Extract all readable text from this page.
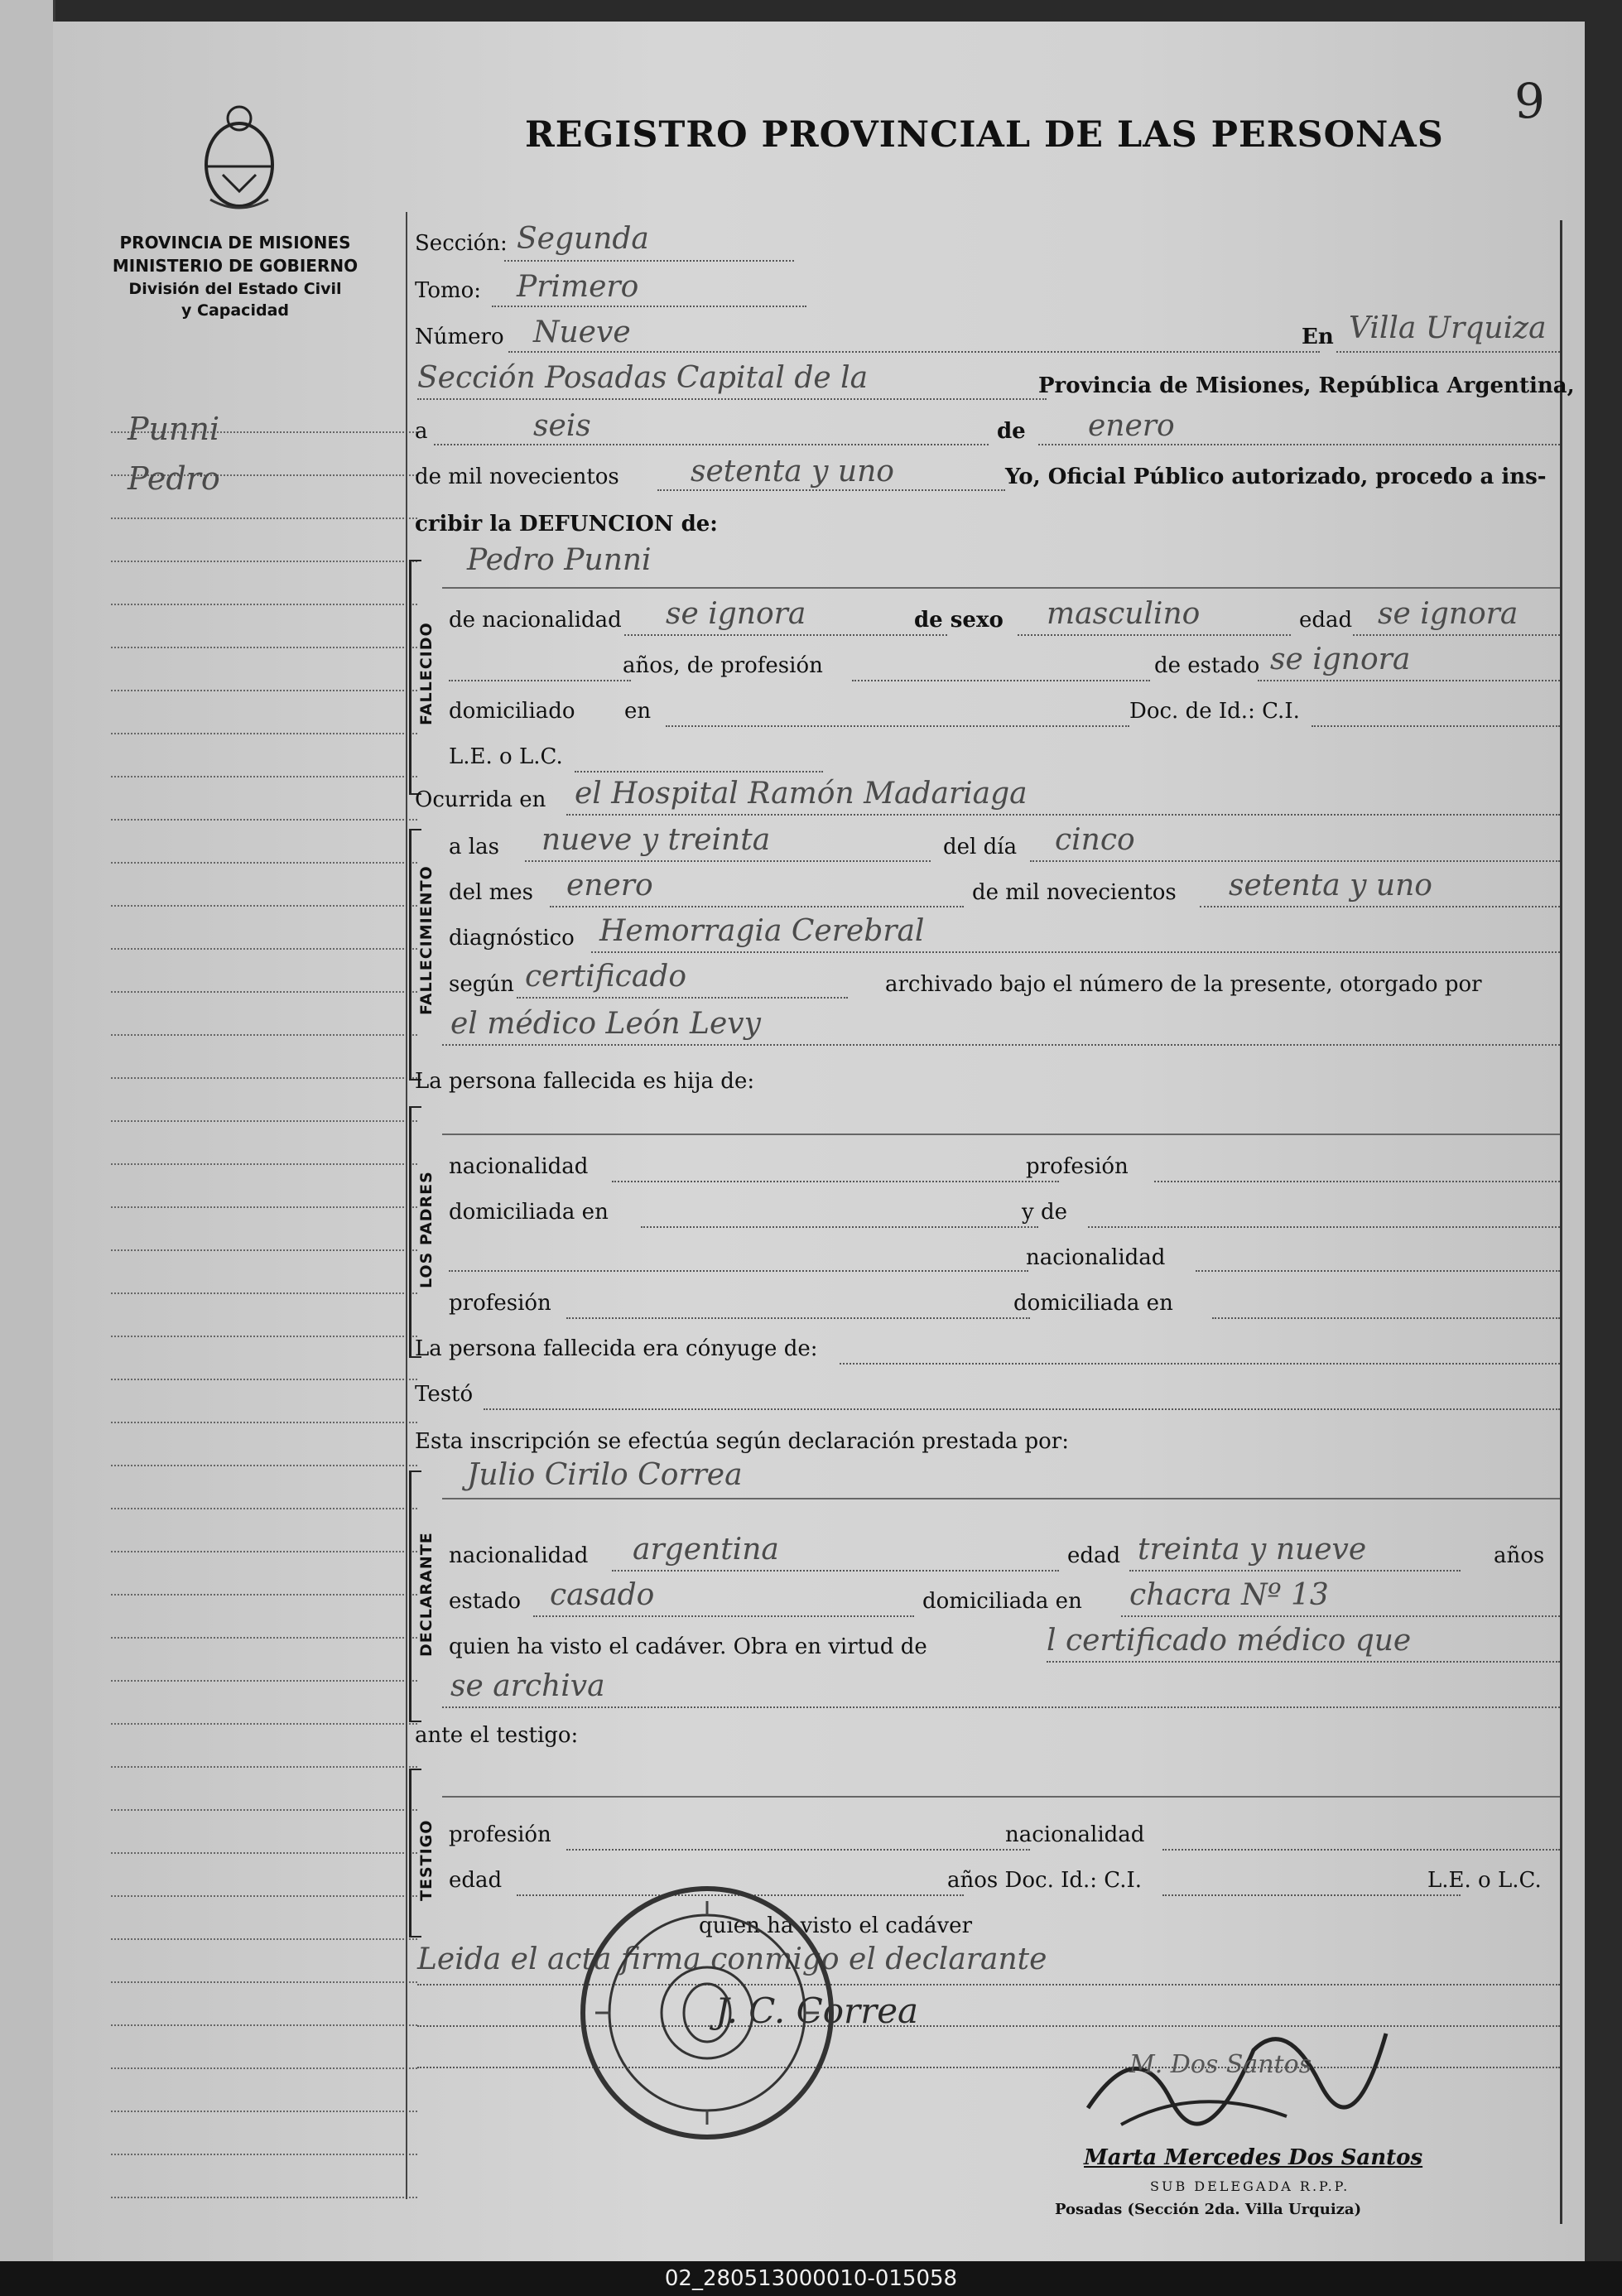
PROVINCIA DE MISIONES
MINISTERIO DE GOBIERNO
División del Estado Civil
y Capacidad
REGISTRO PROVINCIAL DE LAS PERSONAS
9
Punni
Pedro
Sección: Segunda
Tomo: Primero
Número Nueve	En Villa Urquiza
Sección Posadas Capital de la	Provincia de Misiones, República Argentina,
a	seis	de enero
de mil novecientos setenta y uno	Yo, Oficial Público autorizado, procedo a ins-
cribir la DEFUNCION de:
FALLECIDO
Pedro Punni
de nacionalidad se ignora	de sexo masculino	edad se ignora
años, de profesión	de estado se ignora
domiciliado en	Doc. de Id.: C.I.
L.E. o L.C.
Ocurrida en el Hospital Ramón Madariaga
FALLECIMIENTO
a las nueve y treinta	del día cinco
del mes enero	de mil novecientos setenta y uno
diagnóstico Hemorragia Cerebral
según certificado	archivado bajo el número de la presente, otorgado por
el médico León Levy
La persona fallecida es hija de:
LOS PADRES
nacionalidad	profesión
domiciliada en	y de
nacionalidad
profesión	domiciliada en
La persona fallecida era cónyuge de:
Testó
Esta inscripción se efectúa según declaración prestada por:
DECLARANTE
Julio Cirilo Correa
nacionalidad argentina	edad treinta y nueve	años
estado casado	domiciliada en chacra Nº 13
quien ha visto el cadáver. Obra en virtud de	l certificado médico que
se archiva
ante el testigo:
TESTIGO profesión	nacionalidad
edad	años Doc. Id.: C.I.	L.E. o L.C.
quien ha visto el cadáver
Leida el acta firma conmigo el declarante
J. C. Correa
M. Dos Santos
Marta Mercedes Dos Santos
SUB DELEGADA R.P.P.
Posadas (Sección 2da. Villa Urquiza)
02_280513000010-015058
